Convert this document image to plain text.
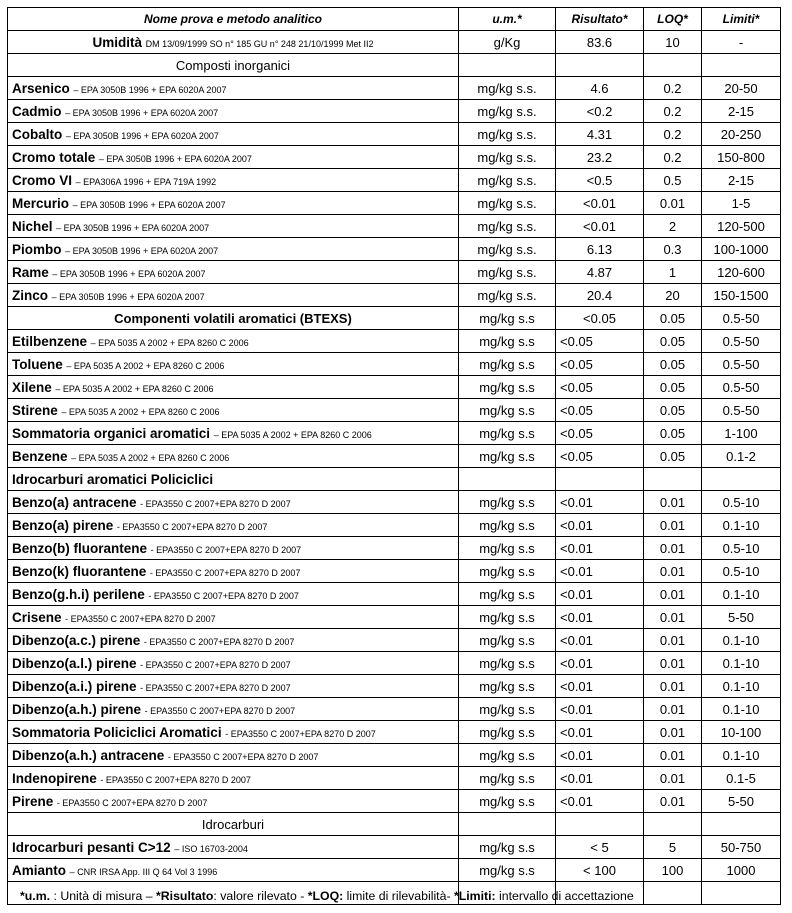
Nome prova e metodo analitico	u.m.*	Risultato*	LOQ*	Limiti*
Umidità DM 13/09/1999 SO n° 185 GU n° 248 21/10/1999 Met II2	g/Kg	83.6	10	-
Composti inorganici				
Arsenico – EPA 3050B 1996 + EPA 6020A 2007	mg/kg s.s.	4.6	0.2	20-50
Cadmio – EPA 3050B 1996 + EPA 6020A 2007	mg/kg s.s.	<0.2	0.2	2-15
Cobalto – EPA 3050B 1996 + EPA 6020A 2007	mg/kg s.s.	4.31	0.2	20-250
Cromo totale – EPA 3050B 1996 + EPA 6020A 2007	mg/kg s.s.	23.2	0.2	150-800
Cromo VI – EPA306A 1996 + EPA 719A 1992	mg/kg s.s.	<0.5	0.5	2-15
Mercurio – EPA 3050B 1996 + EPA 6020A 2007	mg/kg s.s.	<0.01	0.01	1-5
Nichel – EPA 3050B 1996 + EPA 6020A 2007	mg/kg s.s.	<0.01	2	120-500
Piombo – EPA 3050B 1996 + EPA 6020A 2007	mg/kg s.s.	6.13	0.3	100-1000
Rame – EPA 3050B 1996 + EPA 6020A 2007	mg/kg s.s.	4.87	1	120-600
Zinco – EPA 3050B 1996 + EPA 6020A 2007	mg/kg s.s.	20.4	20	150-1500
Componenti volatili aromatici (BTEXS)	mg/kg s.s	<0.05	0.05	0.5-50
Etilbenzene – EPA 5035 A 2002 + EPA 8260 C 2006	mg/kg s.s	<0.05	0.05	0.5-50
Toluene – EPA 5035 A 2002 + EPA 8260 C 2006	mg/kg s.s	<0.05	0.05	0.5-50
Xilene – EPA 5035 A 2002 + EPA 8260 C 2006	mg/kg s.s	<0.05	0.05	0.5-50
Stirene – EPA 5035 A 2002 + EPA 8260 C 2006	mg/kg s.s	<0.05	0.05	0.5-50
Sommatoria organici aromatici – EPA 5035 A 2002 + EPA 8260 C 2006	mg/kg s.s	<0.05	0.05	1-100
Benzene – EPA 5035 A 2002 + EPA 8260 C 2006	mg/kg s.s	<0.05	0.05	0.1-2
Idrocarburi aromatici Policiclici				
Benzo(a) antracene - EPA3550 C 2007+EPA 8270 D 2007	mg/kg s.s	<0.01	0.01	0.5-10
Benzo(a) pirene - EPA3550 C 2007+EPA 8270 D 2007	mg/kg s.s	<0.01	0.01	0.1-10
Benzo(b) fluorantene - EPA3550 C 2007+EPA 8270 D 2007	mg/kg s.s	<0.01	0.01	0.5-10
Benzo(k) fluorantene - EPA3550 C 2007+EPA 8270 D 2007	mg/kg s.s	<0.01	0.01	0.5-10
Benzo(g.h.i) perilene - EPA3550 C 2007+EPA 8270 D 2007	mg/kg s.s	<0.01	0.01	0.1-10
Crisene - EPA3550 C 2007+EPA 8270 D 2007	mg/kg s.s	<0.01	0.01	5-50
Dibenzo(a.c.) pirene - EPA3550 C 2007+EPA 8270 D 2007	mg/kg s.s	<0.01	0.01	0.1-10
Dibenzo(a.l.) pirene - EPA3550 C 2007+EPA 8270 D 2007	mg/kg s.s	<0.01	0.01	0.1-10
Dibenzo(a.i.) pirene - EPA3550 C 2007+EPA 8270 D 2007	mg/kg s.s	<0.01	0.01	0.1-10
Dibenzo(a.h.) pirene - EPA3550 C 2007+EPA 8270 D 2007	mg/kg s.s	<0.01	0.01	0.1-10
Sommatoria Policiclici Aromatici - EPA3550 C 2007+EPA 8270 D 2007	mg/kg s.s	<0.01	0.01	10-100
Dibenzo(a.h.) antracene - EPA3550 C 2007+EPA 8270 D 2007	mg/kg s.s	<0.01	0.01	0.1-10
Indenopirene - EPA3550 C 2007+EPA 8270 D 2007	mg/kg s.s	<0.01	0.01	0.1-5
Pirene - EPA3550 C 2007+EPA 8270 D 2007	mg/kg s.s	<0.01	0.01	5-50
Idrocarburi				
Idrocarburi pesanti C>12 – ISO 16703-2004	mg/kg s.s	< 5	5	50-750
Amianto – CNR IRSA App. III Q 64 Vol 3 1996	mg/kg s.s	< 100	100	1000

*u.m. : Unità di misura – *Risultato: valore rilevato - *LOQ: limite di rilevabilità- *Limiti: intervallo di accettazione
